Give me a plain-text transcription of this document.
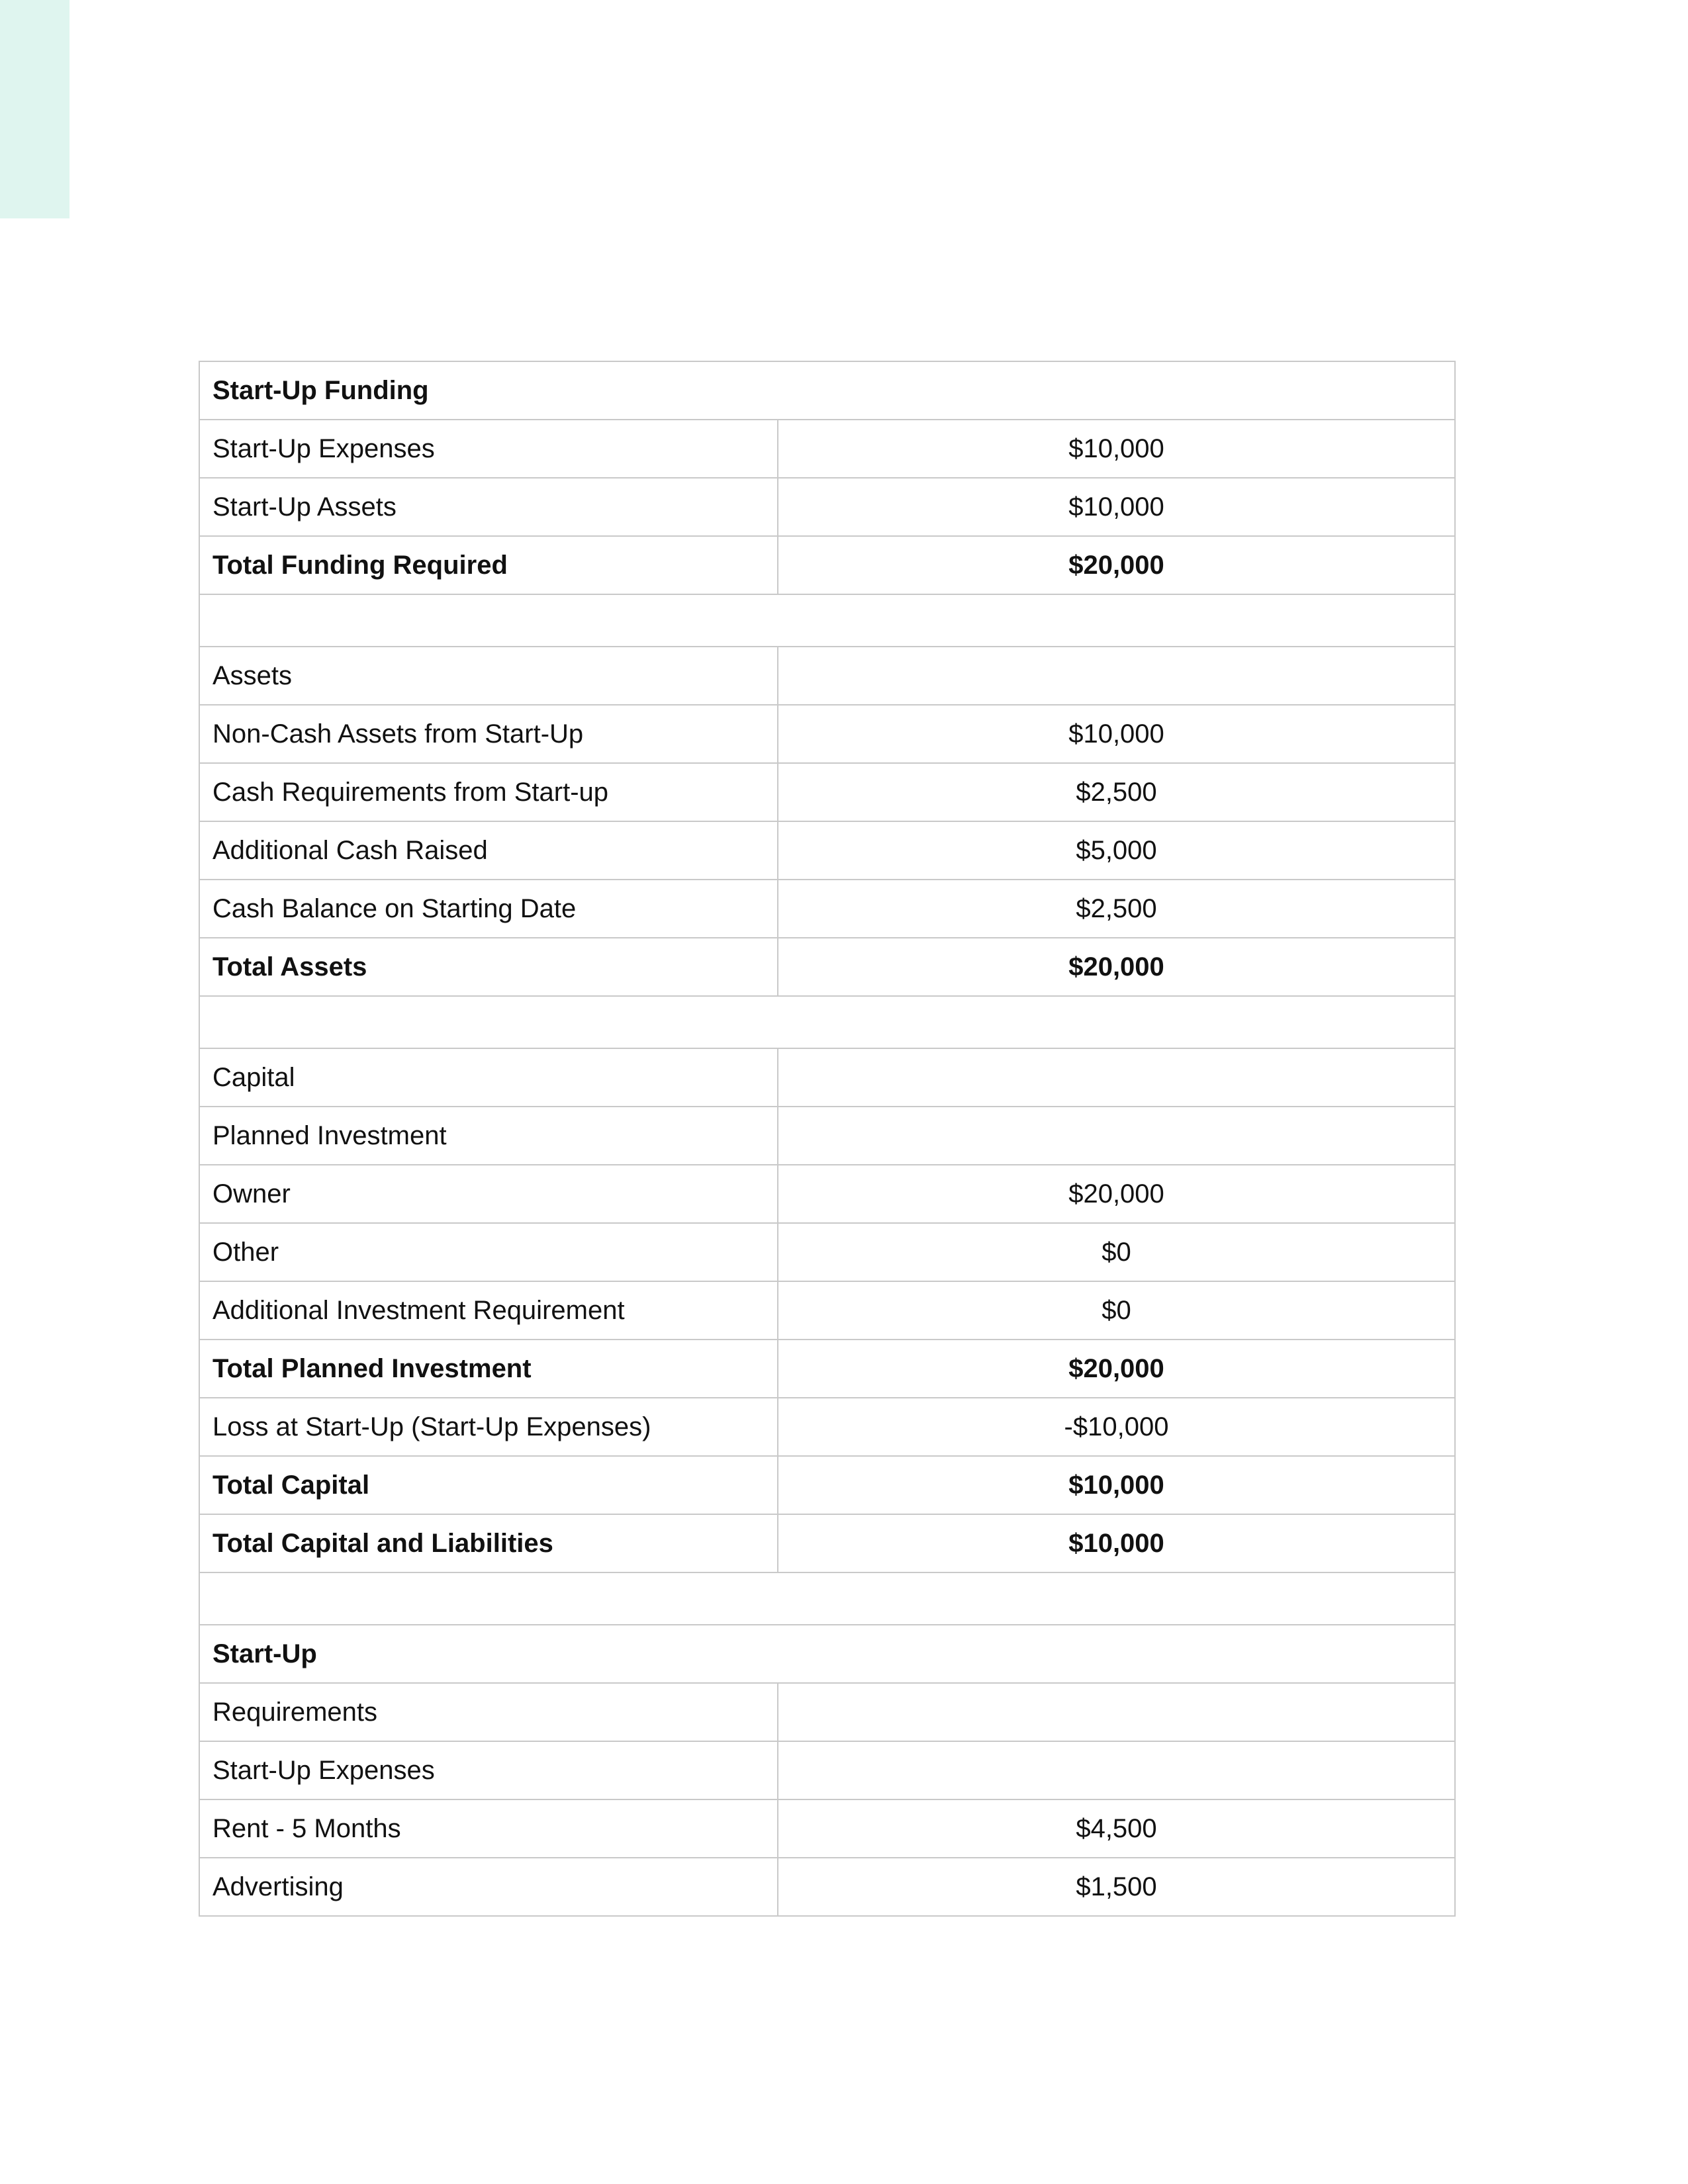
Start-Up Funding	
Start-Up Expenses	$10,000
Start-Up Assets	$10,000
Total Funding Required	$20,000

Assets	
Non-Cash Assets from Start-Up	$10,000
Cash Requirements from Start-up	$2,500
Additional Cash Raised	$5,000
Cash Balance on Starting Date	$2,500
Total Assets	$20,000

Capital	
Planned Investment	
Owner	$20,000
Other	$0
Additional Investment Requirement	$0
Total Planned Investment	$20,000
Loss at Start-Up (Start-Up Expenses)	-$10,000
Total Capital	$10,000
Total Capital and Liabilities	$10,000

Start-Up	
Requirements	
Start-Up Expenses	
Rent - 5 Months	$4,500
Advertising	$1,500
